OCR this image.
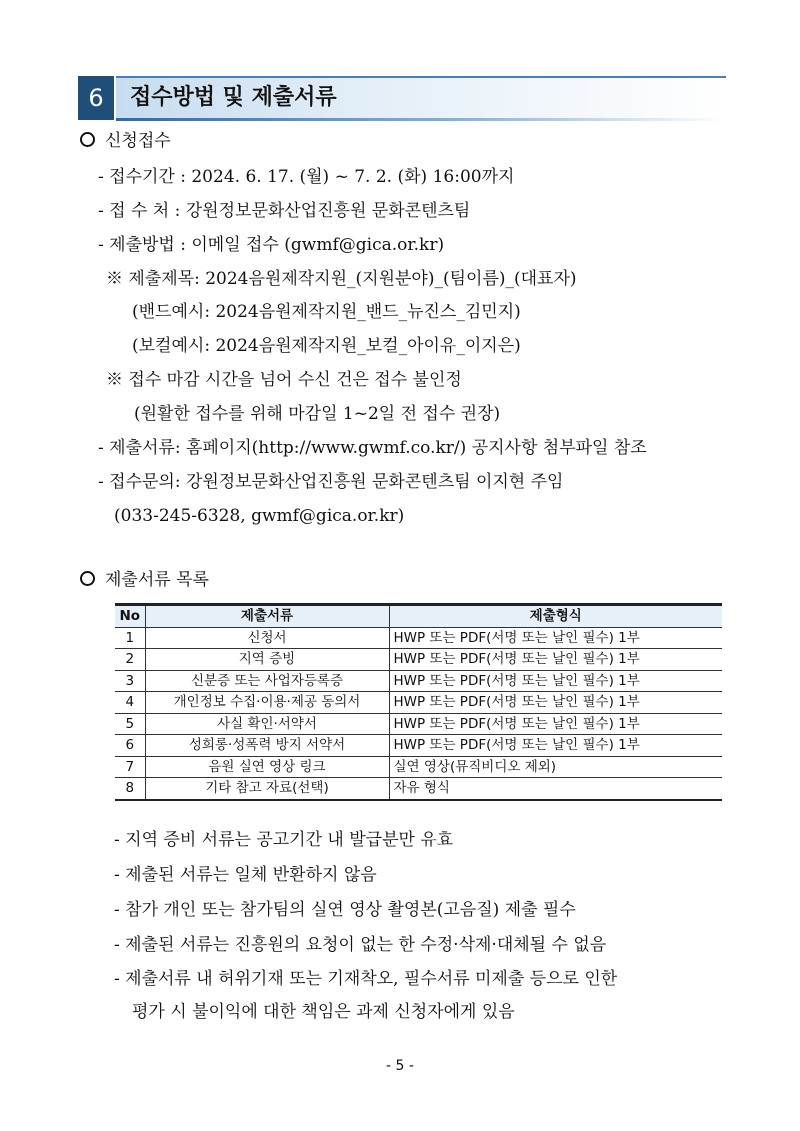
6	접수방법 및 제출서류
신청접수
- 접수기간 : 2024. 6. 17. (월) ~ 7. 2. (화) 16:00까지
- 접 수 처 : 강원정보문화산업진흥원 문화콘텐츠팀
- 제출방법 : 이메일 접수 (gwmf@gica.or.kr)
※ 제출제목: 2024음원제작지원_(지원분야)_(팀이름)_(대표자)
(밴드예시: 2024음원제작지원_밴드_뉴진스_김민지)
(보컬예시: 2024음원제작지원_보컬_아이유_이지은)
※ 접수 마감 시간을 넘어 수신 건은 접수 불인정
(원활한 접수를 위해 마감일 1~2일 전 접수 권장)
- 제출서류: 홈페이지(http://www.gwmf.co.kr/) 공지사항 첨부파일 참조
- 접수문의: 강원정보문화산업진흥원 문화콘텐츠팀 이지현 주임
(033-245-6328, gwmf@gica.or.kr)
제출서류 목록
No	제출서류	제출형식
1	신청서	HWP 또는 PDF(서명 또는 날인 필수) 1부
2	지역 증빙	HWP 또는 PDF(서명 또는 날인 필수) 1부
3	신분증 또는 사업자등록증	HWP 또는 PDF(서명 또는 날인 필수) 1부
4	개인정보 수집·이용·제공 동의서	HWP 또는 PDF(서명 또는 날인 필수) 1부
5	사실 확인·서약서	HWP 또는 PDF(서명 또는 날인 필수) 1부
6	성희롱·성폭력 방지 서약서	HWP 또는 PDF(서명 또는 날인 필수) 1부
7	음원 실연 영상 링크	실연 영상(뮤직비디오 제외)
8	기타 참고 자료(선택)	자유 형식
- 지역 증비 서류는 공고기간 내 발급분만 유효
- 제출된 서류는 일체 반환하지 않음
- 참가 개인 또는 참가팀의 실연 영상 촬영본(고음질) 제출 필수
- 제출된 서류는 진흥원의 요청이 없는 한 수정·삭제·대체될 수 없음
- 제출서류 내 허위기재 또는 기재착오, 필수서류 미제출 등으로 인한
평가 시 불이익에 대한 책임은 과제 신청자에게 있음
- 5 -
